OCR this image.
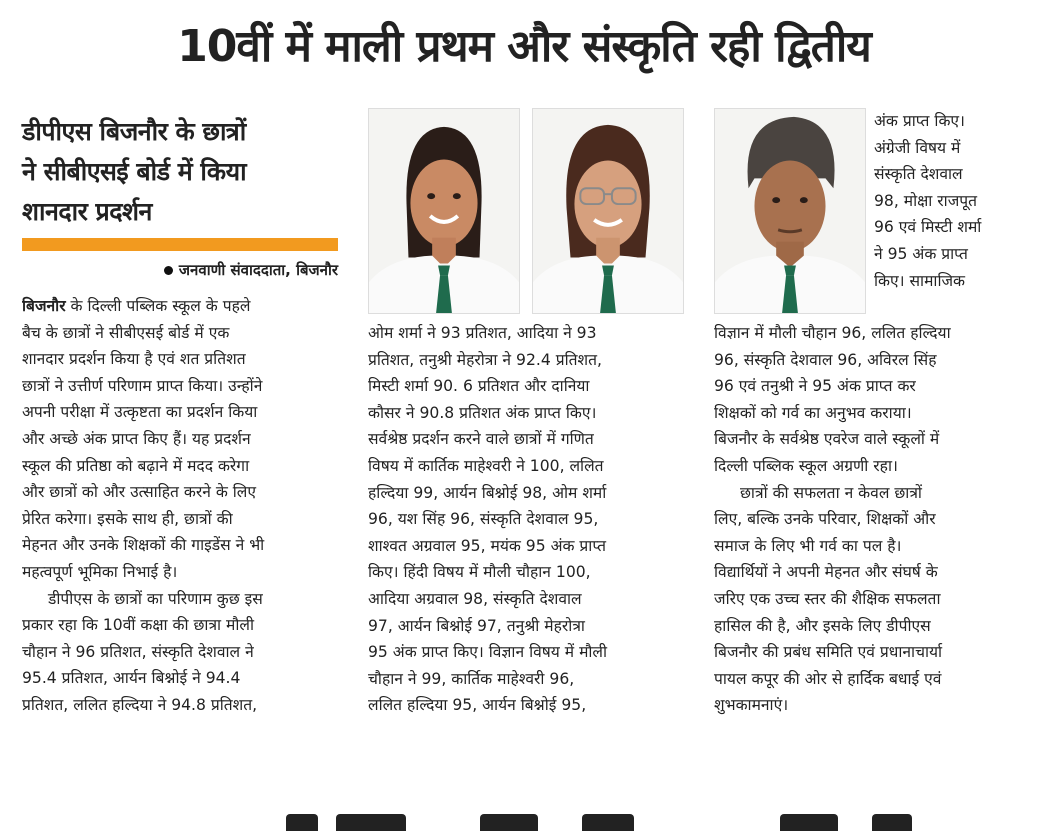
10वीं में माली प्रथम और संस्कृति रही द्वितीय
डीपीएस बिजनौर के छात्रों
ने सीबीएसई बोर्ड में किया
शानदार प्रदर्शन
जनवाणी संवाददाता, बिजनौर
बिजनौर के दिल्ली पब्लिक स्कूल के पहले
बैच के छात्रों ने सीबीएसई बोर्ड में एक
शानदार प्रदर्शन किया है एवं शत प्रतिशत
छात्रों ने उत्तीर्ण परिणाम प्राप्त किया। उन्होंने
अपनी परीक्षा में उत्कृष्टता का प्रदर्शन किया
और अच्छे अंक प्राप्त किए हैं। यह प्रदर्शन
स्कूल की प्रतिष्ठा को बढ़ाने में मदद करेगा
और छात्रों को और उत्साहित करने के लिए
प्रेरित करेगा। इसके साथ ही, छात्रों की
मेहनत और उनके शिक्षकों की गाइडेंस ने भी
महत्वपूर्ण भूमिका निभाई है।
डीपीएस के छात्रों का परिणाम कुछ इस
प्रकार रहा कि 10वीं कक्षा की छात्रा मौली
चौहान ने 96 प्रतिशत, संस्कृति देशवाल ने
95.4 प्रतिशत, आर्यन बिश्नोई ने 94.4
प्रतिशत, ललित हल्दिया ने 94.8 प्रतिशत,
अंक प्राप्त किए।
अंग्रेजी विषय में
संस्कृति देशवाल
98, मोक्षा राजपूत
96 एवं मिस्टी शर्मा
ने 95 अंक प्राप्त
किए। सामाजिक
ओम शर्मा ने 93 प्रतिशत, आदिया ने 93
प्रतिशत, तनुश्री मेहरोत्रा ने 92.4 प्रतिशत,
मिस्टी शर्मा 90. 6 प्रतिशत और दानिया
कौसर ने 90.8 प्रतिशत अंक प्राप्त किए।
सर्वश्रेष्ठ प्रदर्शन करने वाले छात्रों में गणित
विषय में कार्तिक माहेश्वरी ने 100, ललित
हल्दिया 99, आर्यन बिश्नोई 98, ओम शर्मा
96, यश सिंह 96, संस्कृति देशवाल 95,
शाश्वत अग्रवाल 95, मयंक 95 अंक प्राप्त
किए। हिंदी विषय में मौली चौहान 100,
आदिया अग्रवाल 98, संस्कृति देशवाल
97, आर्यन बिश्नोई 97, तनुश्री मेहरोत्रा
95 अंक प्राप्त किए। विज्ञान विषय में मौली
चौहान ने 99, कार्तिक माहेश्वरी 96,
ललित हल्दिया 95, आर्यन बिश्नोई 95,
विज्ञान में मौली चौहान 96, ललित हल्दिया
96, संस्कृति देशवाल 96, अविरल सिंह
96 एवं तनुश्री ने 95 अंक प्राप्त कर
शिक्षकों को गर्व का अनुभव कराया।
बिजनौर के सर्वश्रेष्ठ एवरेज वाले स्कूलों में
दिल्ली पब्लिक स्कूल अग्रणी रहा।
छात्रों की सफलता न केवल छात्रों
लिए, बल्कि उनके परिवार, शिक्षकों और
समाज के लिए भी गर्व का पल है।
विद्यार्थियों ने अपनी मेहनत और संघर्ष के
जरिए एक उच्च स्तर की शैक्षिक सफलता
हासिल की है, और इसके लिए डीपीएस
बिजनौर की प्रबंध समिति एवं प्रधानाचार्या
पायल कपूर की ओर से हार्दिक बधाई एवं
शुभकामनाएं।
